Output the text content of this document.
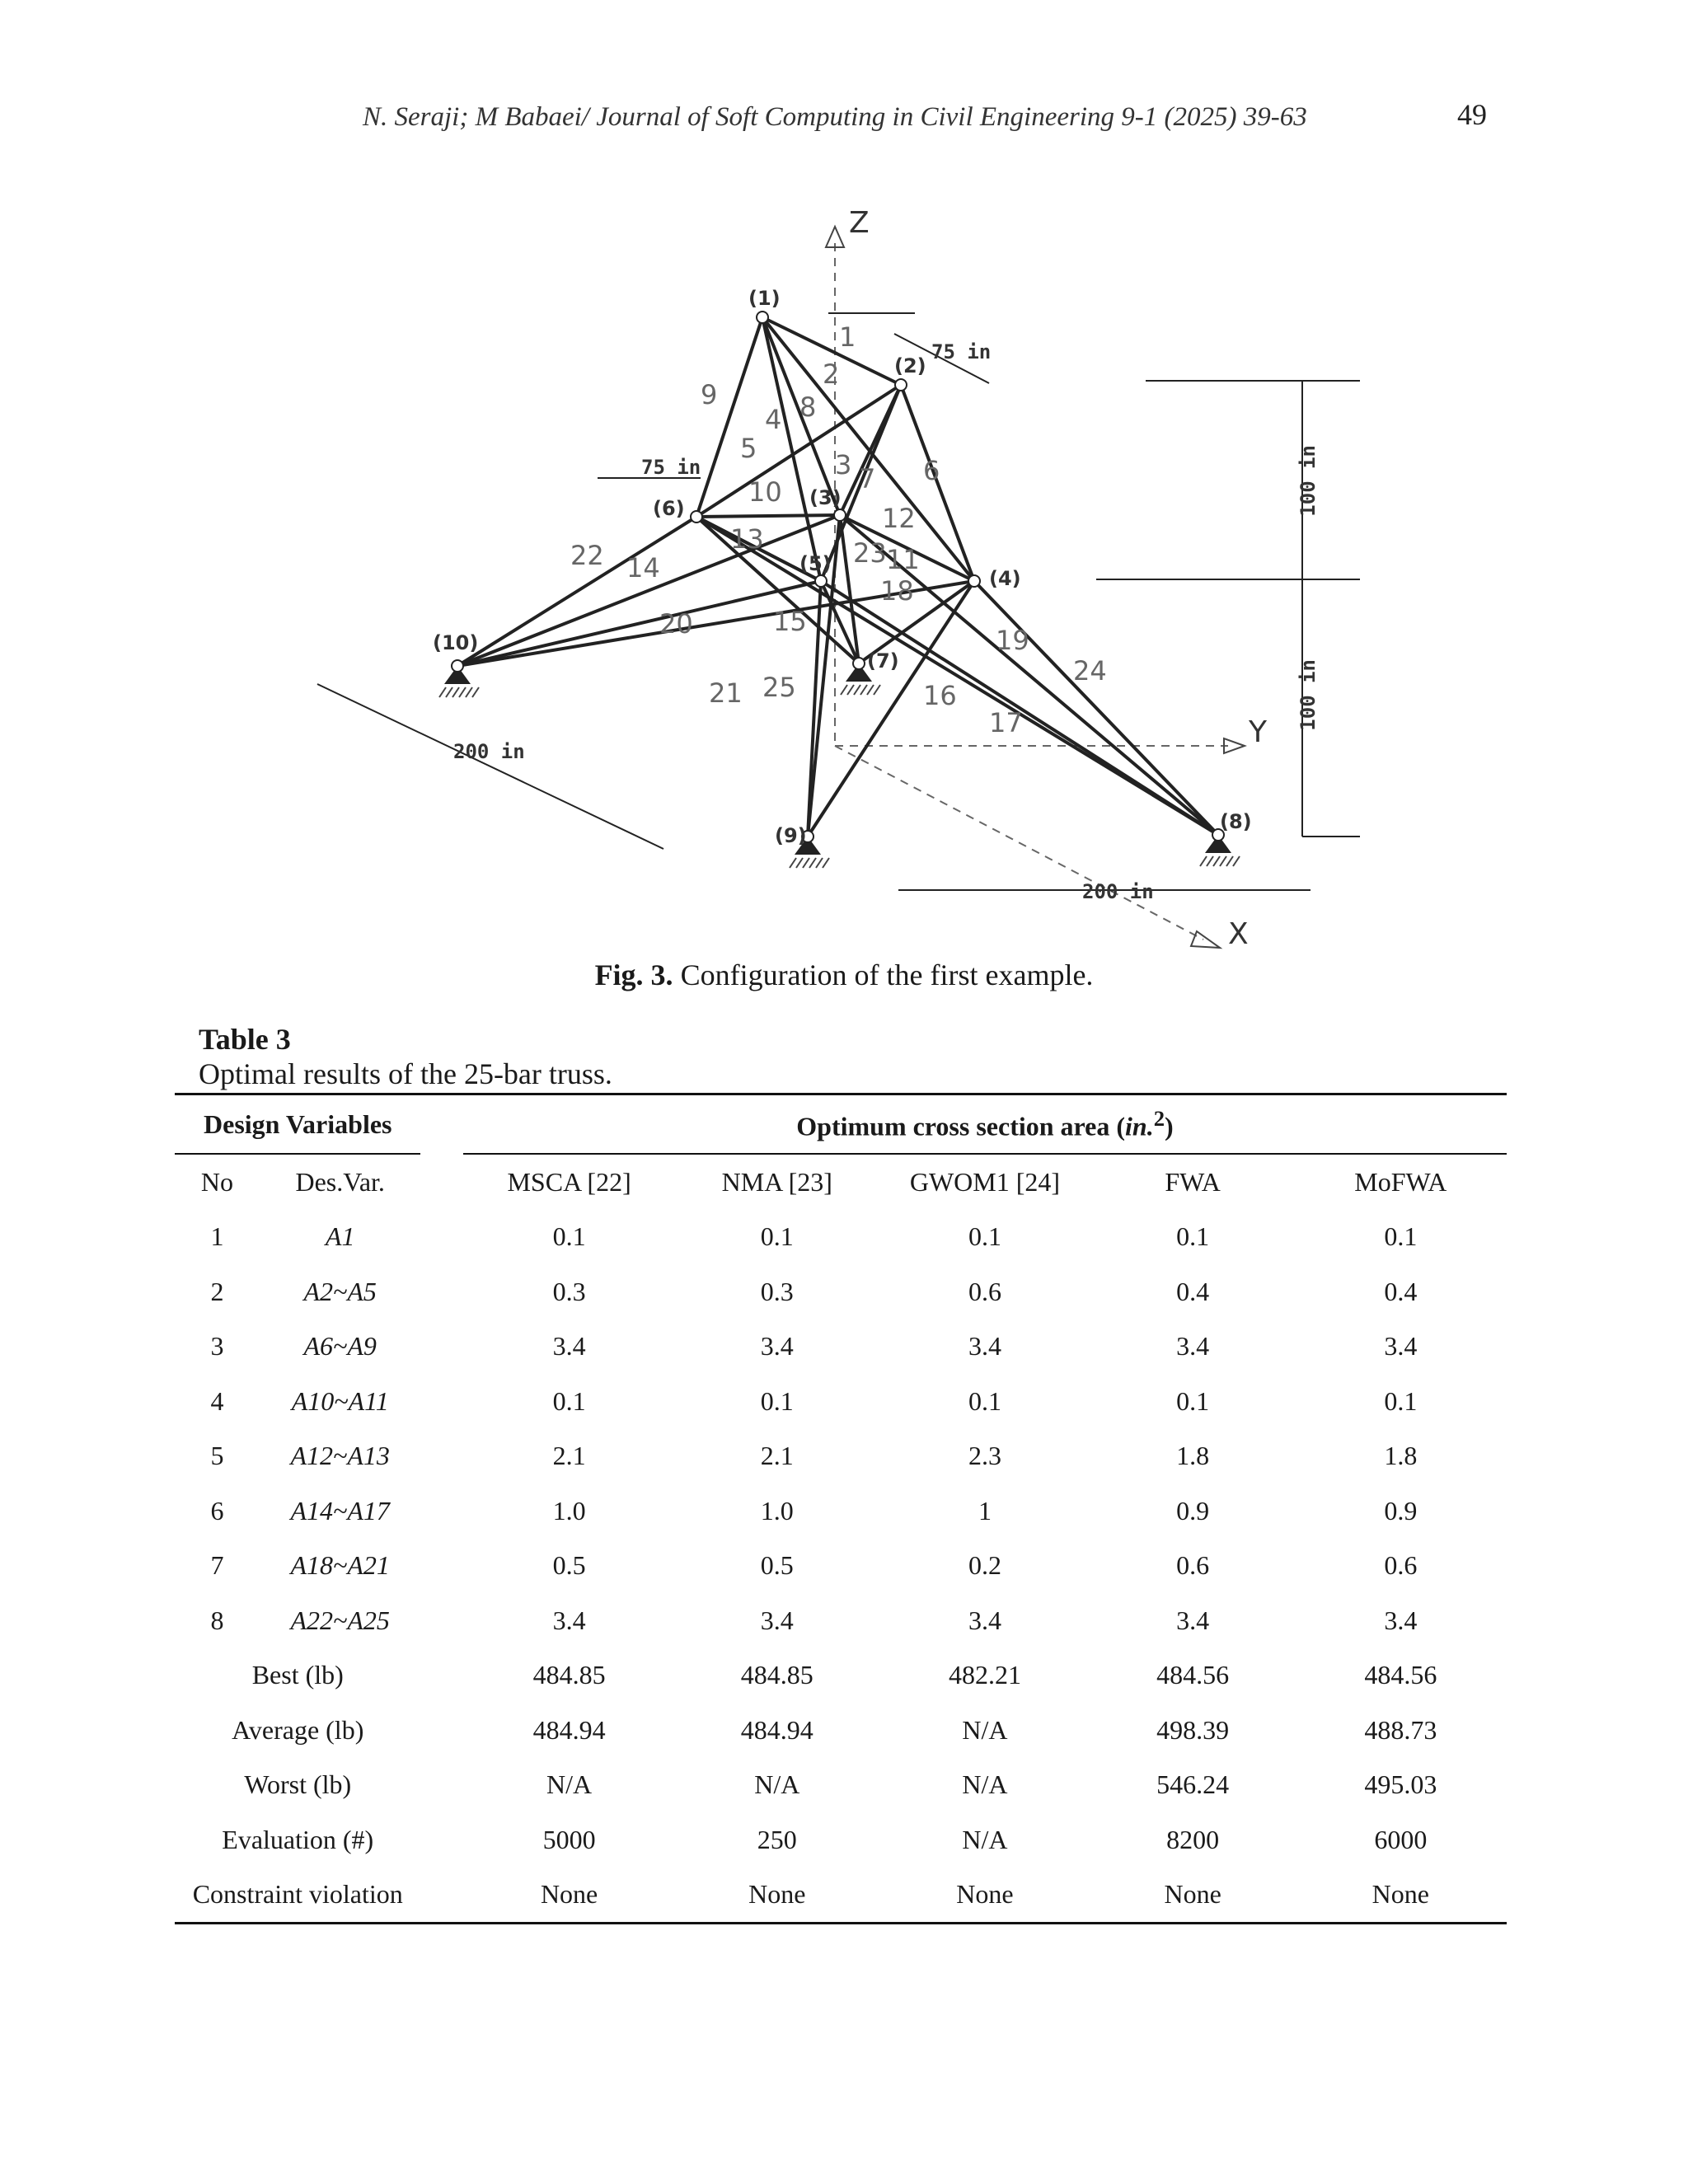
N. Seraji; M Babaei/ Journal of Soft Computing in Civil Engineering 9-1 (2025) 39-63	49
Z
Y
X
(1)
(2)
(3)
(4)
(5)
(6)
(7)
(8)
(9)
(10)
1
2
3
4
5
6
7
8
9
10
11
12
13
14
15
16
17
18
19
20
21
22	23
24
25
75 in
75 in	100 in
100 in
200 in
200 in
Fig. 3. Configuration of the first example.
Table 3
Optimal results of the 25-bar truss.
Design Variables			Optimum cross section area (in.$^2$)				
No	Des.Var.		MSCA [22]	NMA [23]	GWOM1 [24]	FWA	MoFWA
1	A1		0.1	0.1	0.1	0.1	0.1
2	A2~A5		0.3	0.3	0.6	0.4	0.4
3	A6~A9		3.4	3.4	3.4	3.4	3.4
4	A10~A11		0.1	0.1	0.1	0.1	0.1
5	A12~A13		2.1	2.1	2.3	1.8	1.8
6	A14~A17		1.0	1.0	1	0.9	0.9
7	A18~A21		0.5	0.5	0.2	0.6	0.6
8	A22~A25		3.4	3.4	3.4	3.4	3.4
Best (lb)			484.85	484.85	482.21	484.56	484.56
Average (lb)			484.94	484.94	N/A	498.39	488.73
Worst (lb)			N/A	N/A	N/A	546.24	495.03
Evaluation (#)			5000	250	N/A	8200	6000
Constraint violation			None	None	None	None	None
